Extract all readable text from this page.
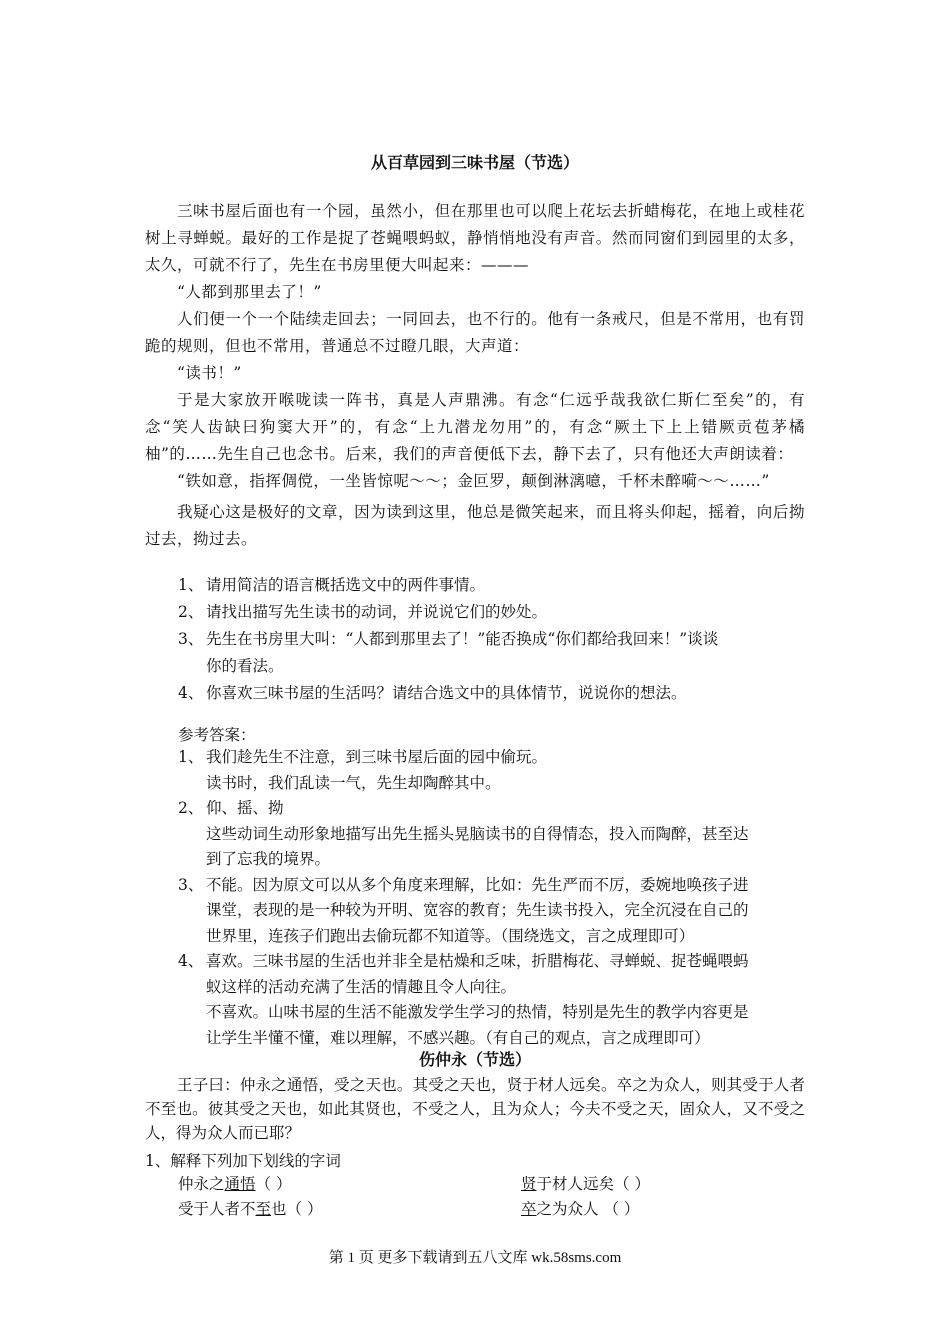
从百草园到三味书屋（节选）

三味书屋后面也有一个园，虽然小，但在那里也可以爬上花坛去折蜡梅花，在地上或桂花树上寻蝉蜕。最好的工作是捉了苍蝇喂蚂蚁，静悄悄地没有声音。然而同窗们到园里的太多，太久，可就不行了，先生在书房里便大叫起来：———

“人都到那里去了！”

人们便一个一个陆续走回去；一同回去，也不行的。他有一条戒尺，但是不常用，也有罚跪的规则，但也不常用，普通总不过瞪几眼，大声道：

“读书！”

于是大家放开喉咙读一阵书，真是人声鼎沸。有念“仁远乎哉我欲仁斯仁至矣”的，有念“笑人齿缺曰狗窦大开”的，有念“上九潜龙勿用”的，有念“厥土下上上错厥贡苞茅橘柚”的……先生自己也念书。后来，我们的声音便低下去，静下去了，只有他还大声朗读着：

“铁如意，指挥倜傥，一坐皆惊呢～～；金叵罗，颠倒淋漓噫，千杯未醉嗬～～……”

我疑心这是极好的文章，因为读到这里，他总是微笑起来，而且将头仰起，摇着，向后拗过去，拗过去。

1、 请用简洁的语言概括选文中的两件事情。
2、 请找出描写先生读书的动词，并说说它们的妙处。
3、 先生在书房里大叫：“人都到那里去了！”能否换成“你们都给我回来！”谈谈
你的看法。
4、 你喜欢三味书屋的生活吗？请结合选文中的具体情节，说说你的想法。
参考答案：
1、 我们趁先生不注意，到三味书屋后面的园中偷玩。
读书时，我们乱读一气，先生却陶醉其中。
2、 仰、摇、拗
这些动词生动形象地描写出先生摇头晃脑读书的自得情态，投入而陶醉，甚至达
到了忘我的境界。
3、 不能。因为原文可以从多个角度来理解，比如：先生严而不厉，委婉地唤孩子进
课堂，表现的是一种较为开明、宽容的教育；先生读书投入，完全沉浸在自己的
世界里，连孩子们跑出去偷玩都不知道等。（围绕选文，言之成理即可）
4、 喜欢。三味书屋的生活也并非全是枯燥和乏味，折腊梅花、寻蝉蜕、捉苍蝇喂蚂
蚁这样的活动充满了生活的情趣且令人向往。
不喜欢。山味书屋的生活不能激发学生学习的热情，特别是先生的教学内容更是
让学生半懂不懂，难以理解，不感兴趣。（有自己的观点，言之成理即可）
伤仲永（节选）

王子曰：仲永之通悟，受之天也。其受之天也，贤于材人远矣。卒之为众人，则其受于人者不至也。彼其受之天也，如此其贤也，不受之人，且为众人；今夫不受之天，固众人，又不受之人，得为众人而已耶？

1、解释下列加下划线的字词
仲永之通悟（ ）	贤于材人远矣（ ）
受于人者不至也（ ）	卒之为众人 （ ）
第 1 页 更多下载请到五八文库 wk.58sms.com
